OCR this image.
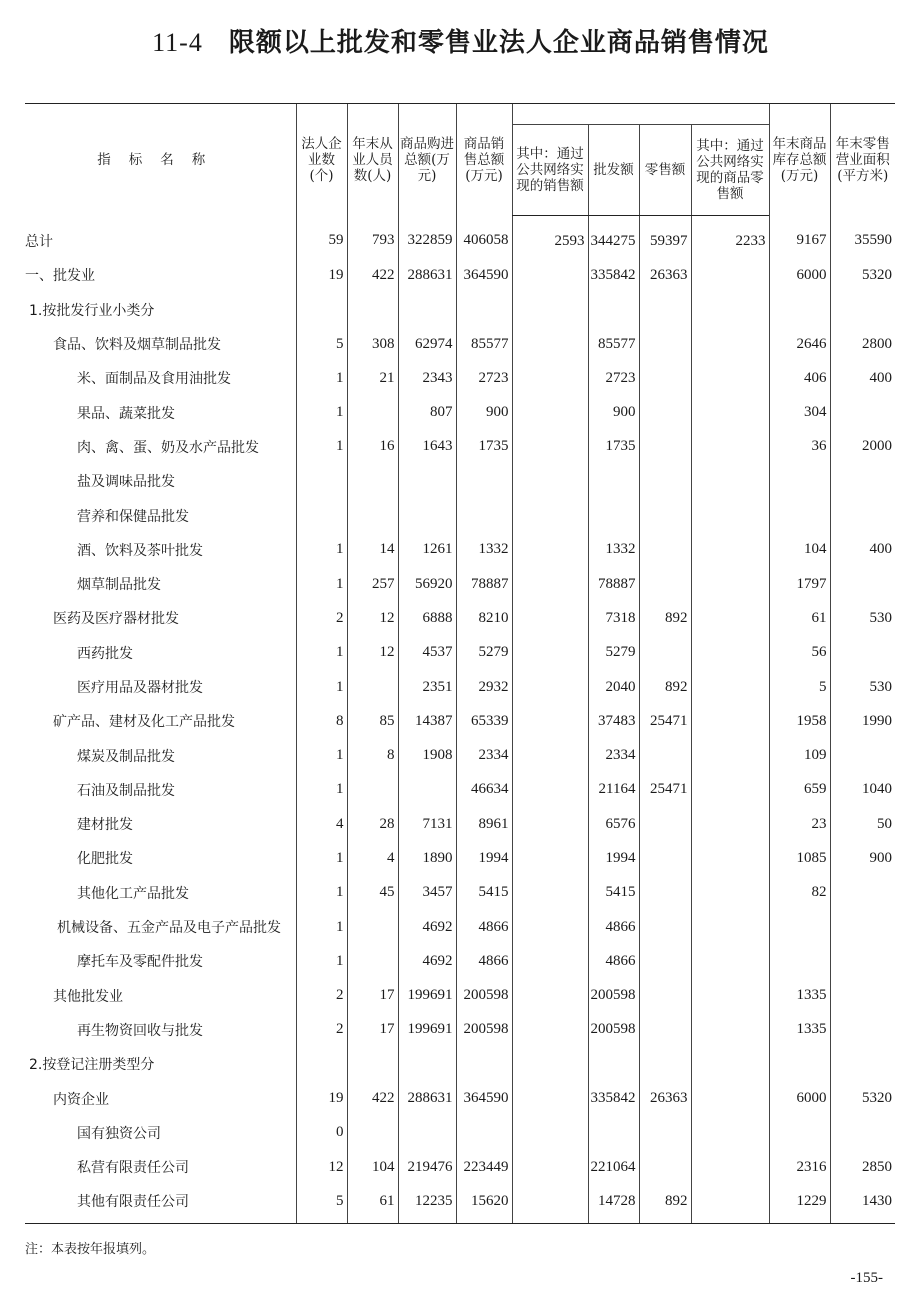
11-4 限额以上批发和零售业法人企业商品销售情况
指标名称	法人企业数(个)	年末从业人员数(人)	商品购进总额(万元)	商品销售总额(万元)					年末商品库存总额(万元)	年末零售营业面积(平方米)
					其中：通过公共网络实现的销售额	批发额	零售额	其中：通过公共网络实现的商品零售额		
总计	59	793	322859	406058	2593	344275	59397	2233	9167	35590
一、批发业	19	422	288631	364590		335842	26363		6000	5320
1.按批发行业小类分										
食品、饮料及烟草制品批发	5	308	62974	85577		85577			2646	2800
米、面制品及食用油批发	1	21	2343	2723		2723			406	400
果品、蔬菜批发	1		807	900		900			304	
肉、禽、蛋、奶及水产品批发	1	16	1643	1735		1735			36	2000
盐及调味品批发										
营养和保健品批发										
酒、饮料及茶叶批发	1	14	1261	1332		1332			104	400
烟草制品批发	1	257	56920	78887		78887			1797	
医药及医疗器材批发	2	12	6888	8210		7318	892		61	530
西药批发	1	12	4537	5279		5279			56	
医疗用品及器材批发	1		2351	2932		2040	892		5	530
矿产品、建材及化工产品批发	8	85	14387	65339		37483	25471		1958	1990
煤炭及制品批发	1	8	1908	2334		2334			109	
石油及制品批发	1			46634		21164	25471		659	1040
建材批发	4	28	7131	8961		6576			23	50
化肥批发	1	4	1890	1994		1994			1085	900
其他化工产品批发	1	45	3457	5415		5415			82	
机械设备、五金产品及电子产品批发	1		4692	4866		4866				
摩托车及零配件批发	1		4692	4866		4866				
其他批发业	2	17	199691	200598		200598			1335	
再生物资回收与批发	2	17	199691	200598		200598			1335	
2.按登记注册类型分										
内资企业	19	422	288631	364590		335842	26363		6000	5320
国有独资公司	0									
私营有限责任公司	12	104	219476	223449		221064			2316	2850
其他有限责任公司	5	61	12235	15620		14728	892		1229	1430
注：本表按年报填列。
-155-
